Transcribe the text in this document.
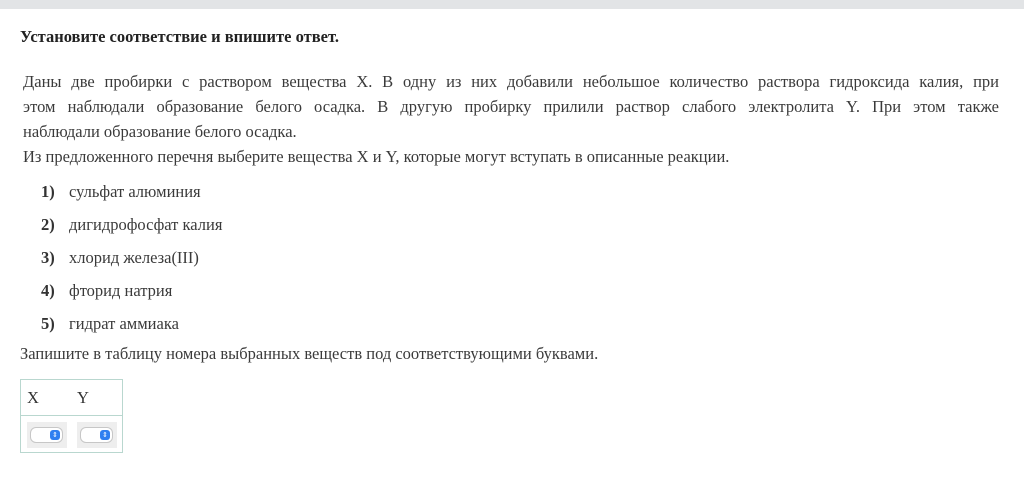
Установите соответствие и впишите ответ.
Даны две пробирки с раствором вещества X. В одну из них добавили небольшое количество раствора гидроксида калия, при
этом наблюдали образование белого осадка. В другую пробирку прилили раствор слабого электролита Y. При этом также
наблюдали образование белого осадка.
Из предложенного перечня выберите вещества X и Y, которые могут вступать в описанные реакции.
1) сульфат алюминия
2) дигидрофосфат калия
3) хлорид железа(III)
4) фторид натрия
5) гидрат аммиака
Запишите в таблицу номера выбранных веществ под соответствующими буквами.
X Y
⇕	⇕
